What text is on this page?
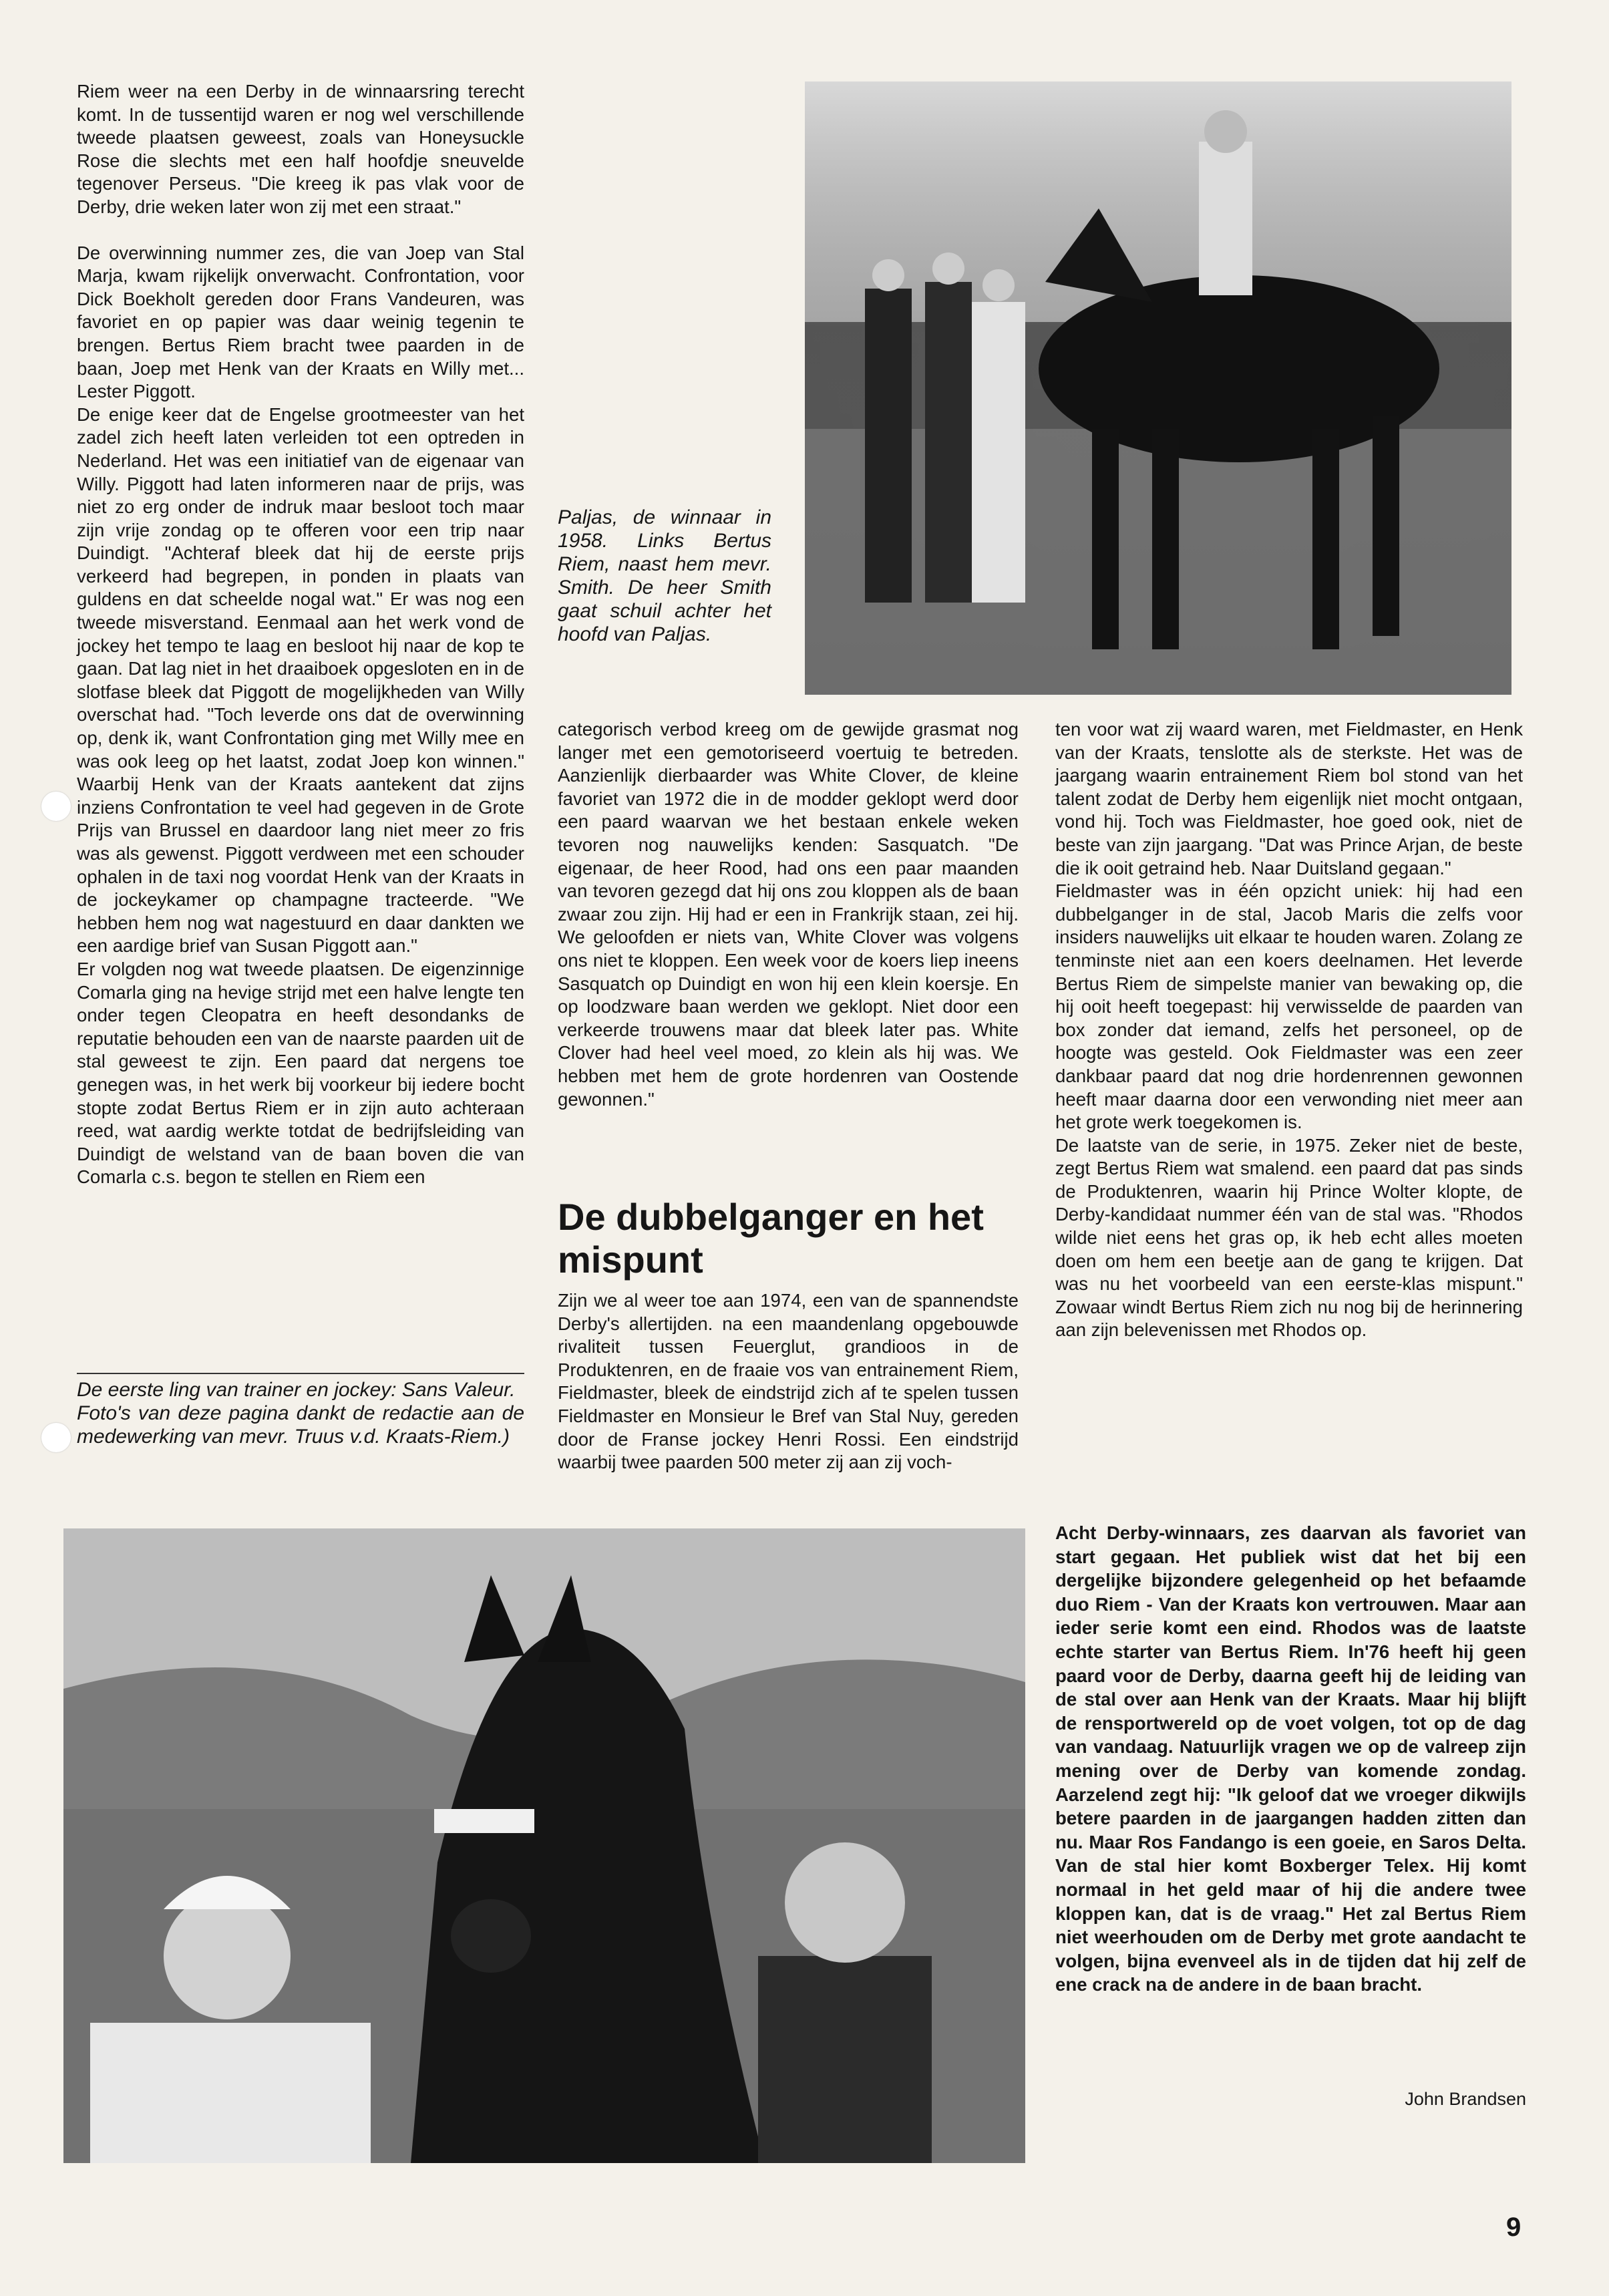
Riem weer na een Derby in de winnaarsring terecht komt. In de tussentijd waren er nog wel verschillende tweede plaatsen geweest, zoals van Honeysuckle Rose die slechts met een half hoofdje sneuvelde tegenover Perseus. "Die kreeg ik pas vlak voor de Derby, drie weken later won zij met een straat."

De overwinning nummer zes, die van Joep van Stal Marja, kwam rijkelijk onverwacht. Confrontation, voor Dick Boekholt gereden door Frans Vandeuren, was favoriet en op papier was daar weinig tegenin te brengen. Bertus Riem bracht twee paarden in de baan, Joep met Henk van der Kraats en Willy met... Lester Piggott.

De enige keer dat de Engelse grootmeester van het zadel zich heeft laten verleiden tot een optreden in Nederland. Het was een initiatief van de eigenaar van Willy. Piggott had laten informeren naar de prijs, was niet zo erg onder de indruk maar besloot toch maar zijn vrije zondag op te offeren voor een trip naar Duindigt. "Achteraf bleek dat hij de eerste prijs verkeerd had begrepen, in ponden in plaats van guldens en dat scheelde nogal wat." Er was nog een tweede misverstand. Eenmaal aan het werk vond de jockey het tempo te laag en besloot hij naar de kop te gaan. Dat lag niet in het draaiboek opgesloten en in de slotfase bleek dat Piggott de mogelijkheden van Willy overschat had. "Toch leverde ons dat de overwinning op, denk ik, want Confrontation ging met Willy mee en was ook leeg op het laatst, zodat Joep kon winnen." Waarbij Henk van der Kraats aantekent dat zijns inziens Confrontation te veel had gegeven in de Grote Prijs van Brussel en daardoor lang niet meer zo fris was als gewenst. Piggott verdween met een schouder ophalen in de taxi nog voordat Henk van der Kraats in de jockeykamer op champagne tracteerde. "We hebben hem nog wat nagestuurd en daar dankten we een aardige brief van Susan Piggott aan."

Er volgden nog wat tweede plaatsen. De eigenzinnige Comarla ging na hevige strijd met een halve lengte ten onder tegen Cleopatra en heeft desondanks de reputatie behouden een van de naarste paarden uit de stal geweest te zijn. Een paard dat nergens toe genegen was, in het werk bij voorkeur bij iedere bocht stopte zodat Bertus Riem er in zijn auto achteraan reed, wat aardig werkte totdat de bedrijfsleiding van Duindigt de welstand van de baan boven die van Comarla c.s. begon te stellen en Riem een

De eerste ling van trainer en jockey: Sans Valeur.

Foto's van deze pagina dankt de redactie aan de medewerking van mevr. Truus v.d. Kraats-Riem.)

Paljas, de winnaar in 1958. Links Bertus Riem, naast hem mevr. Smith. De heer Smith gaat schuil achter het hoofd van Paljas.

categorisch verbod kreeg om de gewijde grasmat nog langer met een gemotoriseerd voertuig te betreden. Aanzienlijk dierbaarder was White Clover, de kleine favoriet van 1972 die in de modder geklopt werd door een paard waarvan we het bestaan enkele weken tevoren nog nauwelijks kenden: Sasquatch. "De eigenaar, de heer Rood, had ons een paar maanden van tevoren gezegd dat hij ons zou kloppen als de baan zwaar zou zijn. Hij had er een in Frankrijk staan, zei hij. We geloofden er niets van, White Clover was volgens ons niet te kloppen. Een week voor de koers liep ineens Sasquatch op Duindigt en won hij een klein koersje. En op loodzware baan werden we geklopt. Niet door een verkeerde trouwens maar dat bleek later pas. White Clover had heel veel moed, zo klein als hij was. We hebben met hem de grote hordenren van Oostende gewonnen."

De dubbelganger en het mispunt

Zijn we al weer toe aan 1974, een van de spannendste Derby's allertijden. na een maandenlang opgebouwde rivaliteit tussen Feuerglut, grandioos in de Produktenren, en de fraaie vos van entrainement Riem, Fieldmaster, bleek de eindstrijd zich af te spelen tussen Fieldmaster en Monsieur le Bref van Stal Nuy, gereden door de Franse jockey Henri Rossi. Een eindstrijd waarbij twee paarden 500 meter zij aan zij voch-

ten voor wat zij waard waren, met Fieldmaster, en Henk van der Kraats, tenslotte als de sterkste. Het was de jaargang waarin entrainement Riem bol stond van het talent zodat de Derby hem eigenlijk niet mocht ontgaan, vond hij. Toch was Fieldmaster, hoe goed ook, niet de beste van zijn jaargang. "Dat was Prince Arjan, de beste die ik ooit getraind heb. Naar Duitsland gegaan."

Fieldmaster was in één opzicht uniek: hij had een dubbelganger in de stal, Jacob Maris die zelfs voor insiders nauwelijks uit elkaar te houden waren. Zolang ze tenminste niet aan een koers deelnamen. Het leverde Bertus Riem de simpelste manier van bewaking op, die hij ooit heeft toegepast: hij verwisselde de paarden van box zonder dat iemand, zelfs het personeel, op de hoogte was gesteld. Ook Fieldmaster was een zeer dankbaar paard dat nog drie hordenrennen gewonnen heeft maar daarna door een verwonding niet meer aan het grote werk toegekomen is.

De laatste van de serie, in 1975. Zeker niet de beste, zegt Bertus Riem wat smalend. een paard dat pas sinds de Produktenren, waarin hij Prince Wolter klopte, de Derby-kandidaat nummer één van de stal was. "Rhodos wilde niet eens het gras op, ik heb echt alles moeten doen om hem een beetje aan de gang te krijgen. Dat was nu het voorbeeld van een eerste-klas mispunt." Zowaar windt Bertus Riem zich nu nog bij de herinnering aan zijn belevenissen met Rhodos op.

Acht Derby-winnaars, zes daarvan als favoriet van start gegaan. Het publiek wist dat het bij een dergelijke bijzondere gelegenheid op het befaamde duo Riem - Van der Kraats kon vertrouwen. Maar aan ieder serie komt een eind. Rhodos was de laatste echte starter van Bertus Riem. In'76 heeft hij geen paard voor de Derby, daarna geeft hij de leiding van de stal over aan Henk van der Kraats. Maar hij blijft de rensportwereld op de voet volgen, tot op de dag van vandaag. Natuurlijk vragen we op de valreep zijn mening over de Derby van komende zondag. Aarzelend zegt hij: "Ik geloof dat we vroeger dikwijls betere paarden in de jaargangen hadden zitten dan nu. Maar Ros Fandango is een goeie, en Saros Delta. Van de stal hier komt Boxberger Telex. Hij komt normaal in het geld maar of hij die andere twee kloppen kan, dat is de vraag." Het zal Bertus Riem niet weerhouden om de Derby met grote aandacht te volgen, bijna evenveel als in de tijden dat hij zelf de ene crack na de andere in de baan bracht.
John Brandsen
9
